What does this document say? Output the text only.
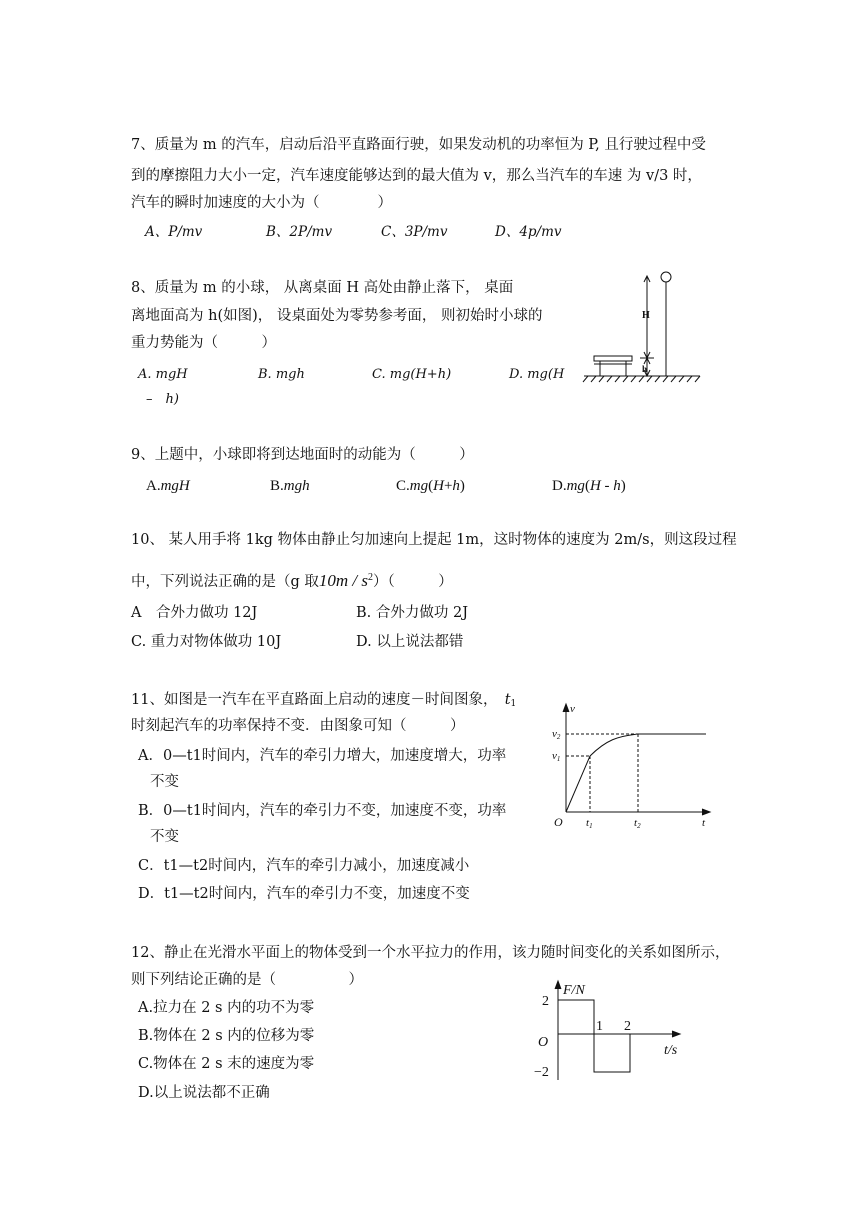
7、质量为 m 的汽车，启动后沿平直路面行驶，如果发动机的功率恒为 P, 且行驶过程中受
到的摩擦阻力大小一定，汽车速度能够达到的最大值为 v，那么当汽车的车速 为 v/3 时，
汽车的瞬时加速度的大小为（　　　　）
A、P/mv	B、2P/mv	C、3P/mv	D、4p/mv
8、质量为 m 的小球， 从离桌面 H 高处由静止落下， 桌面
离地面高为 h(如图)， 设桌面处为零势参考面， 则初始时小球的
重力势能为（　　　）
A. mgH	B. mgh	C. mg(H+h)	D. mg(H
–　h)
H
h
9、上题中，小球即将到达地面时的动能为（　　　）
A.mgH	B.mgh	C.mg(H+h)	D.mg(H - h)
10、 某人用手将 1kg 物体由静止匀加速向上提起 1m，这时物体的速度为 2m/s，则这段过程
中，下列说法正确的是（g 取$10m / s^2$）（　　　）
A　合外力做功 12J	B. 合外力做功 2J
C. 重力对物体做功 10J	D. 以上说法都错
11、如图是一汽车在平直路面上启动的速度－时间图象，　 $t_1$
时刻起汽车的功率保持不变．由图象可知（　　　）
A．0—t1时间内，汽车的牵引力增大，加速度增大，功率
不变
B．0—t1时间内，汽车的牵引力不变，加速度不变，功率
不变
C．t1—t2时间内，汽车的牵引力减小，加速度减小
D．t1—t2时间内，汽车的牵引力不变，加速度不变
v
v2
v1
O t1	t2	t
12、静止在光滑水平面上的物体受到一个水平拉力的作用，该力随时间变化的关系如图所示，
则下列结论正确的是（　　　　　）
A.拉力在 2 s 内的功不为零
B.物体在 2 s 内的位移为零
C.物体在 2 s 末的速度为零
D.以上说法都不正确
F/N
2
O
−2
1 2
t/s
